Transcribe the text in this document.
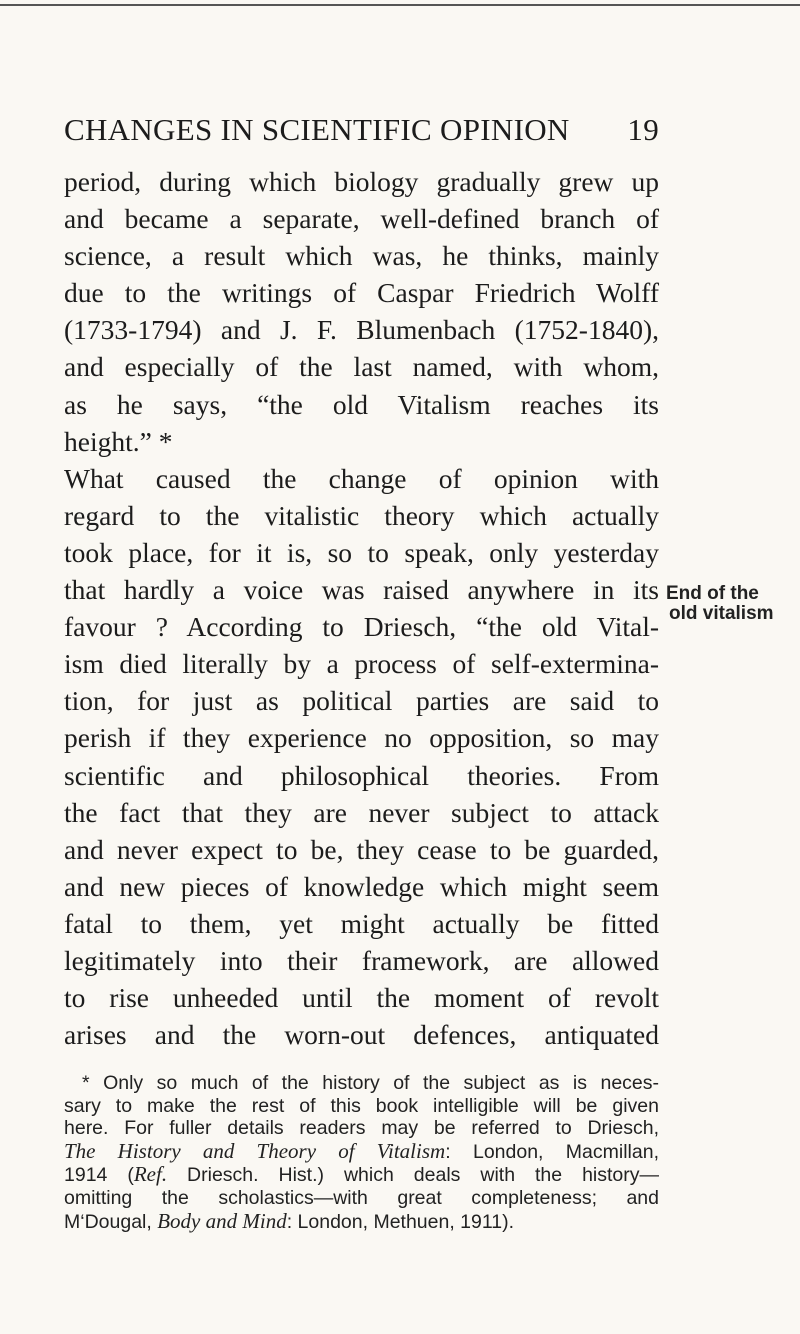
CHANGES IN SCIENTIFIC OPINION 19
period, during which biology gradually grew up
and became a separate, well-defined branch of
science, a result which was, he thinks, mainly
due to the writings of Caspar Friedrich Wolff
(1733-1794) and J. F. Blumenbach (1752-1840),
and especially of the last named, with whom,
as he says, “the old Vitalism reaches its
height.” *
What caused the change of opinion with
regard to the vitalistic theory which actually
took place, for it is, so to speak, only yesterday
that hardly a voice was raised anywhere in its
favour ? According to Driesch, “the old Vital-
ism died literally by a process of self-extermina-
tion, for just as political parties are said to
perish if they experience no opposition, so may
scientific and philosophical theories. From
the fact that they are never subject to attack
and never expect to be, they cease to be guarded,
and new pieces of knowledge which might seem
fatal to them, yet might actually be fitted
legitimately into their framework, are allowed
to rise unheeded until the moment of revolt
arises and the worn-out defences, antiquated
End of the
old vitalism
* Only so much of the history of the subject as is neces-
sary to make the rest of this book intelligible will be given
here. For fuller details readers may be referred to Driesch,
The History and Theory of Vitalism: London, Macmillan,
1914 (Ref. Driesch. Hist.) which deals with the history—
omitting the scholastics—with great completeness; and
M‘Dougal, Body and Mind: London, Methuen, 1911).
